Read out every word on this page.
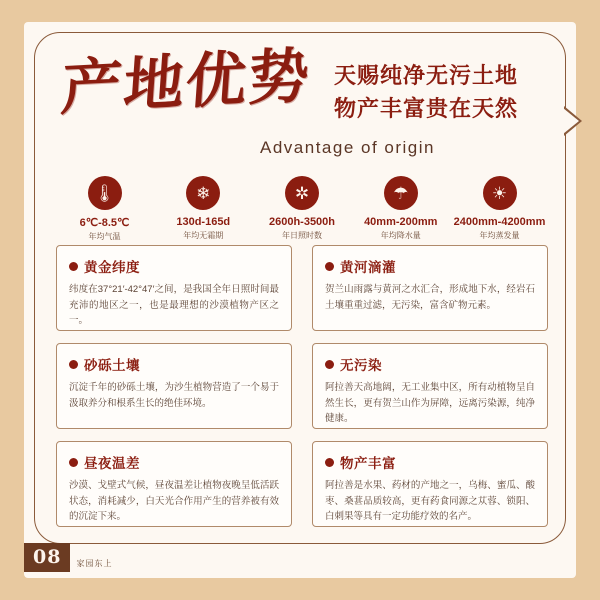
产地优势 天赐纯净无污土地
物产丰富贵在天然
Advantage of origin
🌡
6℃-8.5℃
年均气温
❄
130d-165d
年均无霜期
✲
2600h-3500h
年日照时数
☂
40mm-200mm
年均降水量
☀
2400mm-4200mm
年均蒸发量
黄金纬度
纬度在37°21′-42°47′之间，是我国全年日照时间最充沛的地区之一，也是最理想的沙漠植物产区之一。
黄河滴灌
贺兰山雨露与黄河之水汇合，形成地下水，经岩石土壤重重过滤，无污染，富含矿物元素。
砂砾土壤
沉淀千年的砂砾土壤，为沙生植物营造了一个易于汲取养分和根系生长的绝佳环境。
无污染
阿拉善天高地阔，无工业集中区，所有动植物呈自然生长，更有贺兰山作为屏障，远离污染源，纯净健康。
昼夜温差
沙漠、戈壁式气候，昼夜温差让植物夜晚呈低活跃状态，消耗减少，白天光合作用产生的营养被有效的沉淀下来。
物产丰富
阿拉善是水果、药材的产地之一，乌梅、蜜瓜、酸枣、桑葚品质较高，更有药食同源之苁蓉、锁阳、白刺果等具有一定功能疗效的名产。
08	家园东上
